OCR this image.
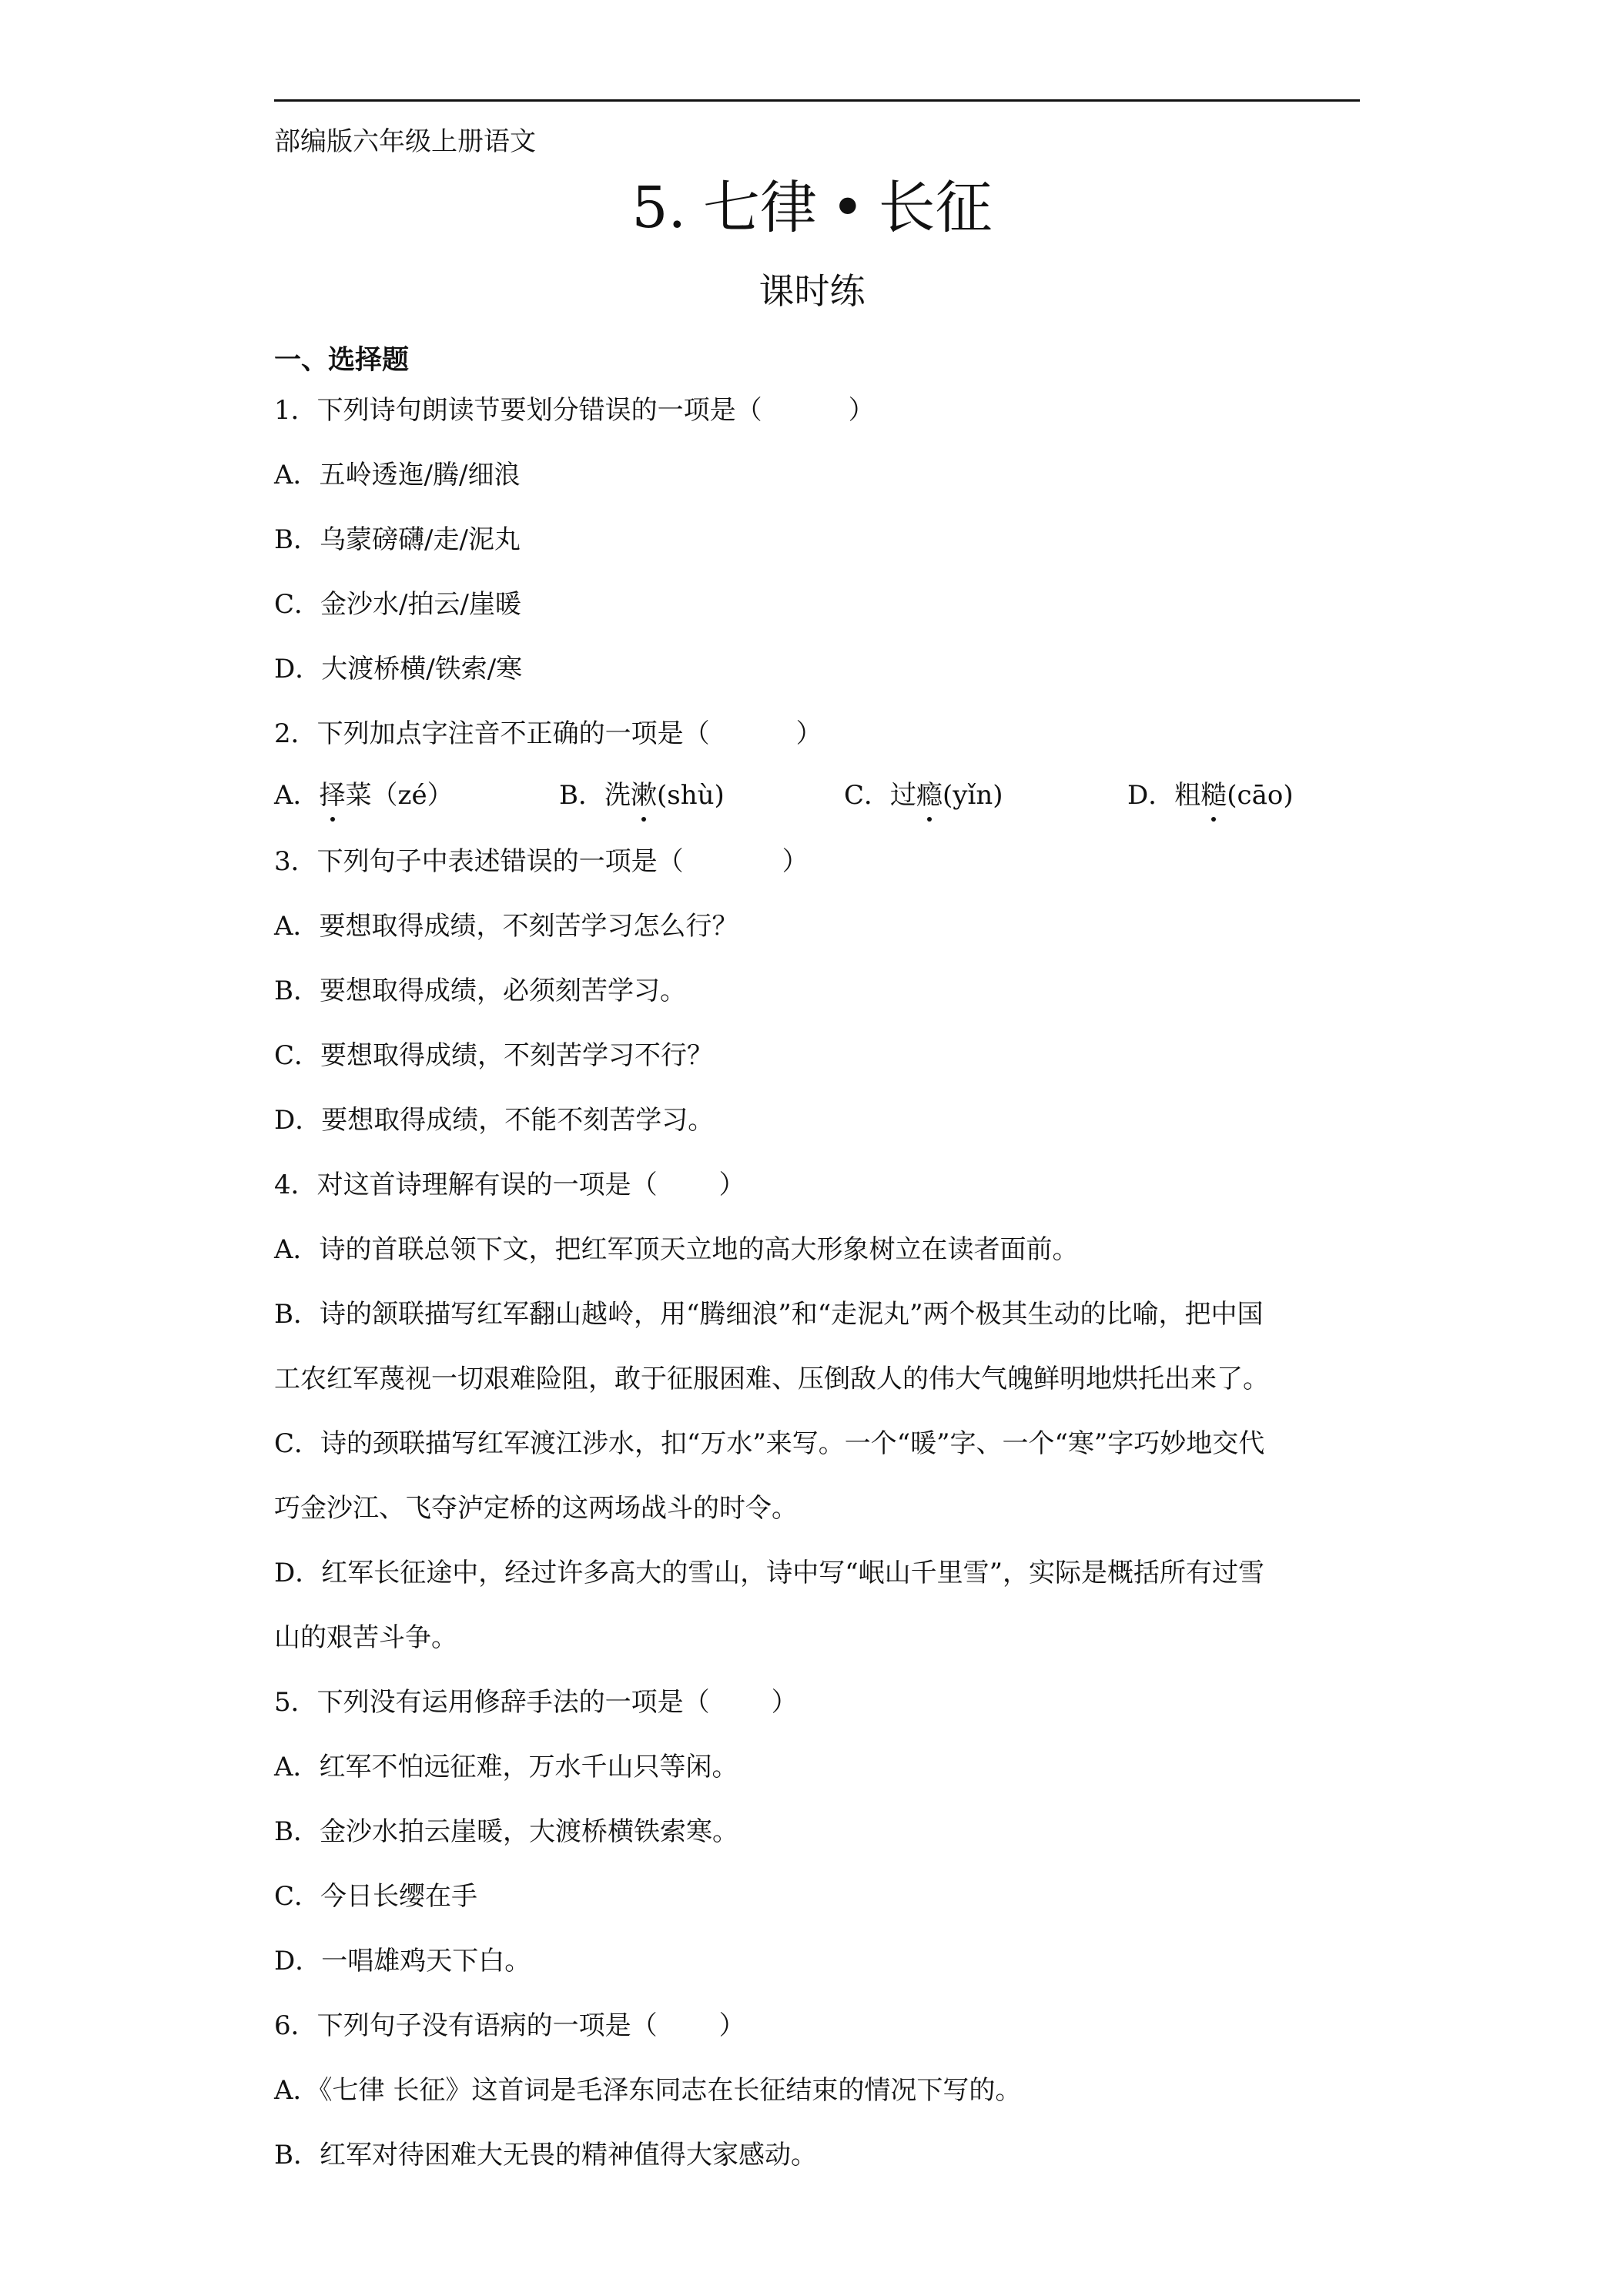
部编版六年级上册语文
5. 七律 • 长征
课时练
一、选择题
1．下列诗句朗读节要划分错误的一项是（	）
A．五岭透迤/腾/细浪
B．乌蒙磅礴/走/泥丸
C．金沙水/拍云/崖暖
D．大渡桥横/铁索/寒
2．下列加点字注音不正确的一项是（	）
A．择菜（zé）	B．洗漱(shù)	C．过瘾(yǐn)	D．粗糙(cāo)
3．下列句子中表述错误的一项是（	）
A．要想取得成绩，不刻苦学习怎么行？
B．要想取得成绩，必须刻苦学习。
C．要想取得成绩，不刻苦学习不行？
D．要想取得成绩，不能不刻苦学习。
4．对这首诗理解有误的一项是（ ）
A．诗的首联总领下文，把红军顶天立地的高大形象树立在读者面前。
B．诗的颔联描写红军翻山越岭，用“腾细浪”和“走泥丸”两个极其生动的比喻，把中国
工农红军蔑视一切艰难险阻，敢于征服困难、压倒敌人的伟大气魄鲜明地烘托出来了。
C．诗的颈联描写红军渡江涉水，扣“万水”来写。一个“暖”字、一个“寒”字巧妙地交代
巧金沙江、飞夺泸定桥的这两场战斗的时令。
D．红军长征途中，经过许多高大的雪山，诗中写“岷山千里雪”，实际是概括所有过雪
山的艰苦斗争。
5．下列没有运用修辞手法的一项是（ ）
A．红军不怕远征难，万水千山只等闲。
B．金沙水拍云崖暖，大渡桥横铁索寒。
C．今日长缨在手
D．一唱雄鸡天下白。
6．下列句子没有语病的一项是（ ）
A．《七律 长征》这首词是毛泽东同志在长征结束的情况下写的。
B．红军对待困难大无畏的精神值得大家感动。
